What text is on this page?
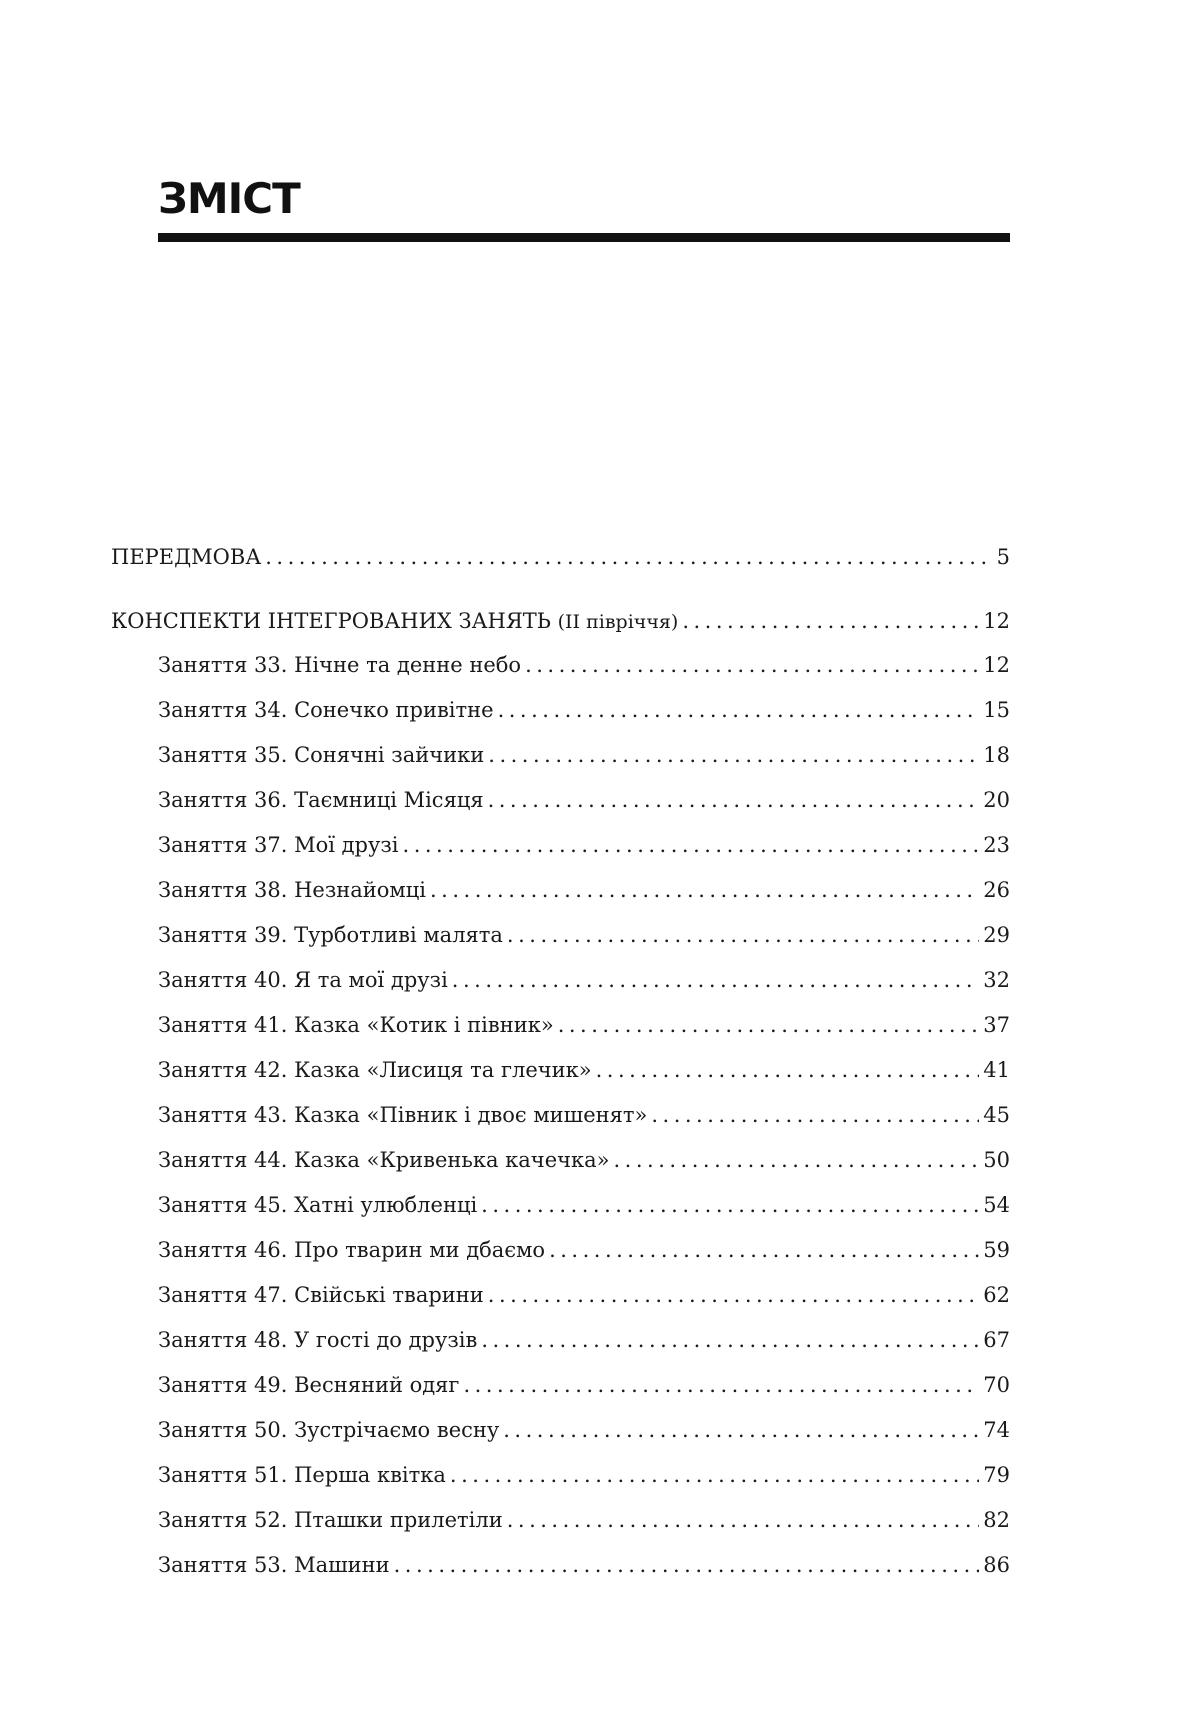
ЗМІСТ
ПЕРЕДМОВА .....	5
КОНСПЕКТИ ІНТЕГРОВАНИХ ЗАНЯТЬ (ІІ півріччя) .....	12
Заняття 33. Нічне та денне небо .....	12
Заняття 34. Сонечко привітне .....	15
Заняття 35. Сонячні зайчики .....	18
Заняття 36. Таємниці Місяця .....	20
Заняття 37. Мої друзі .....	23
Заняття 38. Незнайомці .....	26
Заняття 39. Турботливі малята .....	29
Заняття 40. Я та мої друзі .....	32
Заняття 41. Казка «Котик і півник» .....	37
Заняття 42. Казка «Лисиця та глечик» .....	41
Заняття 43. Казка «Півник і двоє мишенят» .....	45
Заняття 44. Казка «Кривенька качечка» .....	50
Заняття 45. Хатні улюбленці .....	54
Заняття 46. Про тварин ми дбаємо .....	59
Заняття 47. Свійські тварини .....	62
Заняття 48. У гості до друзів .....	67
Заняття 49. Весняний одяг .....	70
Заняття 50. Зустрічаємо весну .....	74
Заняття 51. Перша квітка .....	79
Заняття 52. Пташки прилетіли .....	82
Заняття 53. Машини .....	86
